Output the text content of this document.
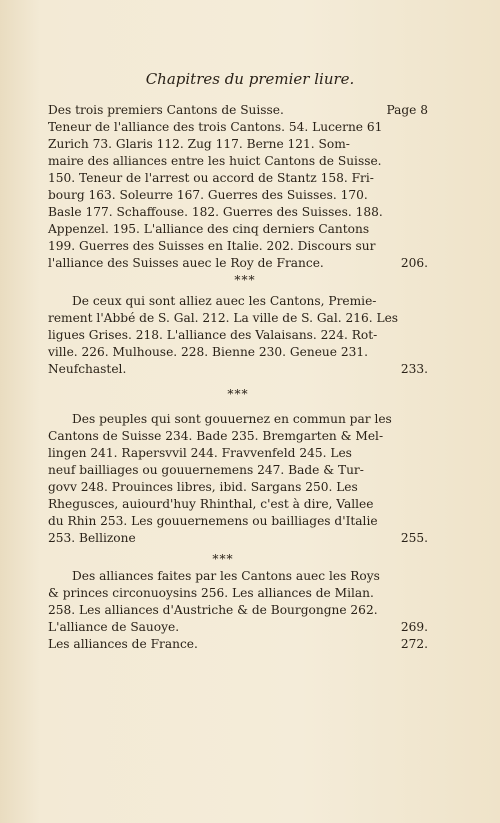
Chapitres du premier liure.
Des trois premiers Cantons de Suisse.	Page 8
Teneur de l'alliance des trois Cantons. 54. Lucerne 61
Zurich 73. Glaris 112. Zug 117. Berne 121. Som-
maire des alliances entre les huict Cantons de Suisse.
150. Teneur de l'arrest ou accord de Stantz 158. Fri-
bourg 163. Soleurre 167. Guerres des Suisses. 170.
Basle 177. Schaffouse. 182. Guerres des Suisses. 188.
Appenzel. 195. L'alliance des cinq derniers Cantons
199. Guerres des Suisses en Italie. 202. Discours sur
l'alliance des Suisses auec le Roy de France.	206.
***
De ceux qui sont alliez auec les Cantons, Premie-
rement l'Abbé de S. Gal. 212. La ville de S. Gal. 216. Les
ligues Grises. 218. L'alliance des Valaisans. 224. Rot-
ville. 226. Mulhouse. 228. Bienne 230. Geneue 231.
Neufchastel.	233.
***
Des peuples qui sont gouuernez en commun par les
Cantons de Suisse 234. Bade 235. Bremgarten & Mel-
lingen 241. Rapersvvil 244. Fravvenfeld 245. Les
neuf bailliages ou gouuernemens 247. Bade & Tur-
govv 248. Prouinces libres, ibid. Sargans 250. Les
Rhegusces, auiourd'huy Rhinthal, c'est à dire, Vallee
du Rhin 253. Les gouuernemens ou bailliages d'Italie
253. Bellizone	255.
***
Des alliances faites par les Cantons auec les Roys
& princes circonuoysins 256. Les alliances de Milan.
258. Les alliances d'Austriche & de Bourgongne 262.
L'alliance de Sauoye.	269.
Les alliances de France.	272.
